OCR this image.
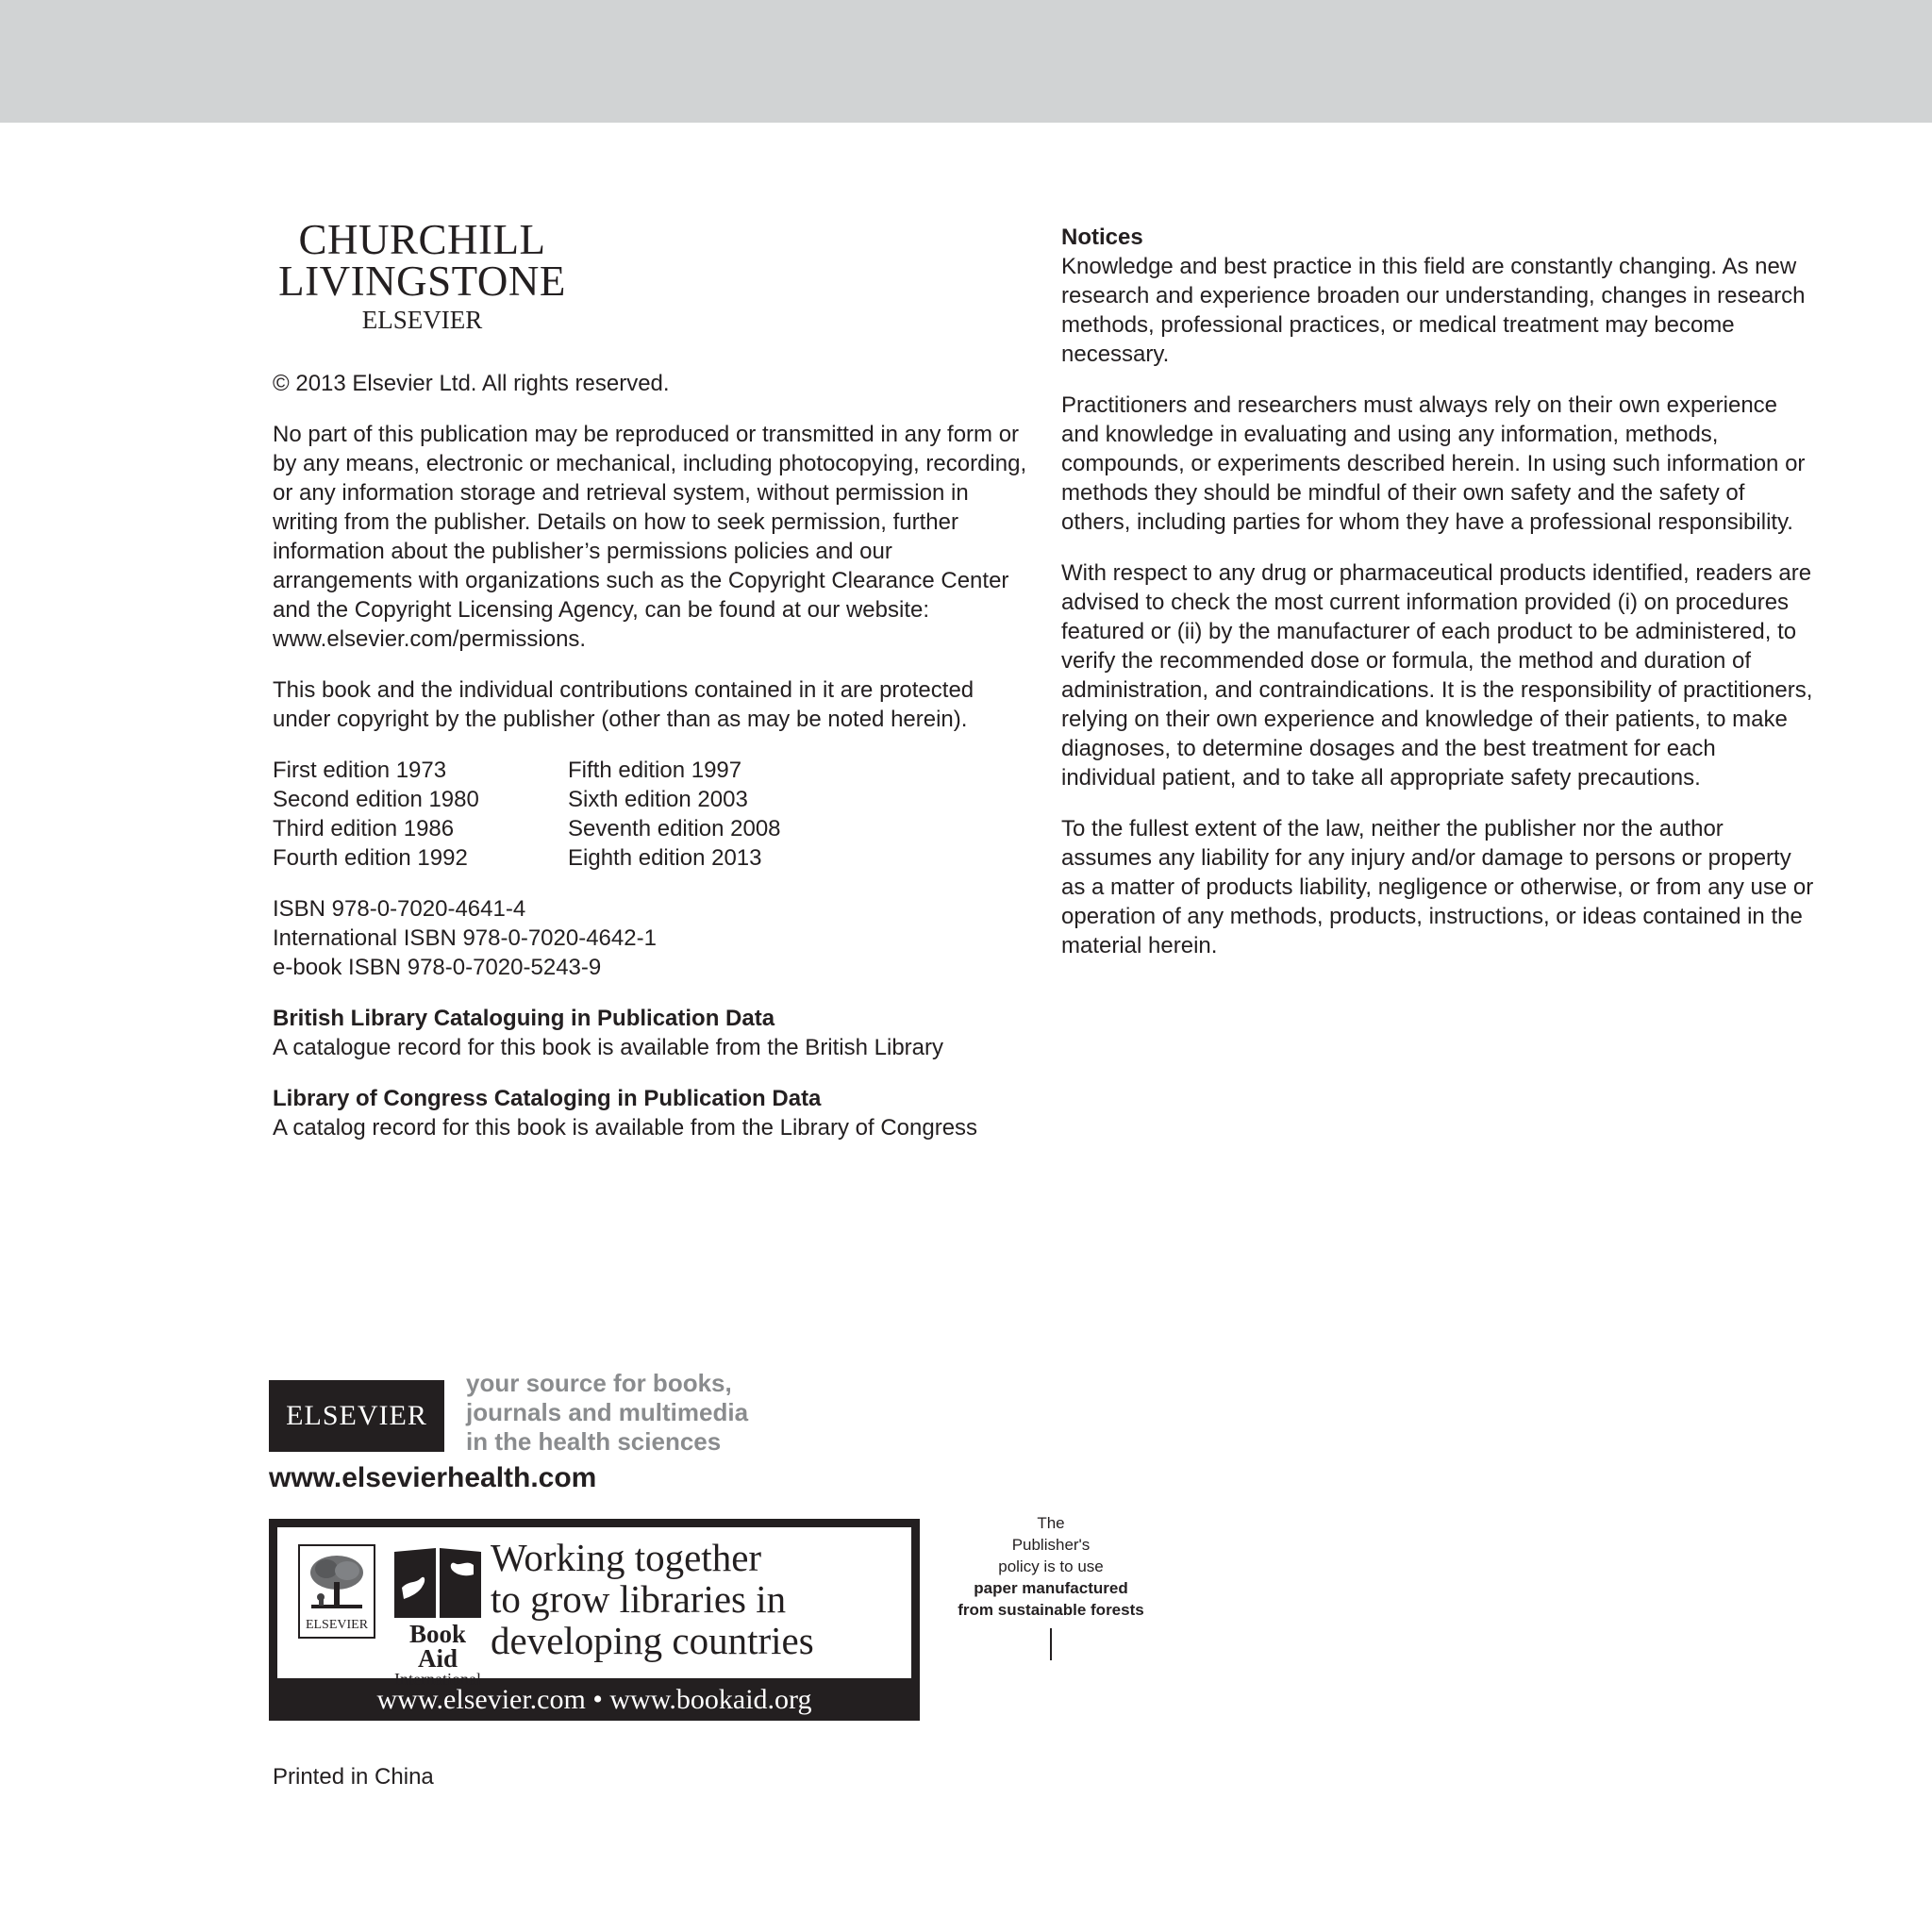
CHURCHILL
LIVINGSTONE
ELSEVIER

© 2013 Elsevier Ltd. All rights reserved.

No part of this publication may be reproduced or transmitted in any form or by any means, electronic or mechanical, including photocopying, recording, or any information storage and retrieval system, without permission in writing from the publisher. Details on how to seek permission, further information about the publisher’s permissions policies and our arrangements with organizations such as the Copyright Clearance Center and the Copyright Licensing Agency, can be found at our website: www.elsevier.com/permissions.

This book and the individual contributions contained in it are protected under copyright by the publisher (other than as may be noted herein).

First edition 1973	Fifth edition 1997
Second edition 1980	Sixth edition 2003
Third edition 1986	Seventh edition 2008
Fourth edition 1992	Eighth edition 2013
ISBN 978-0-7020-4641-4
International ISBN 978-0-7020-4642-1
e-book ISBN 978-0-7020-5243-9

British Library Cataloguing in Publication Data
A catalogue record for this book is available from the British Library

Library of Congress Cataloging in Publication Data
A catalog record for this book is available from the Library of Congress

Notices

Knowledge and best practice in this field are constantly changing. As new research and experience broaden our understanding, changes in research methods, professional practices, or medical treatment may become necessary.

Practitioners and researchers must always rely on their own experience and knowledge in evaluating and using any information, methods, compounds, or experiments described herein. In using such information or methods they should be mindful of their own safety and the safety of others, including parties for whom they have a professional responsibility.

With respect to any drug or pharmaceutical products identified, readers are advised to check the most current information provided (i) on procedures featured or (ii) by the manufacturer of each product to be administered, to verify the recommended dose or formula, the method and duration of administration, and contraindications. It is the responsibility of practitioners, relying on their own experience and knowledge of their patients, to make diagnoses, to determine dosages and the best treatment for each individual patient, and to take all appropriate safety precautions.

To the fullest extent of the law, neither the publisher nor the author assumes any liability for any injury and/or damage to persons or property as a matter of products liability, negligence or otherwise, or from any use or operation of any methods, products, instructions, or ideas contained in the material herein.

ELSEVIER
your source for books,
journals and multimedia
in the health sciences
www.elsevierhealth.com
ELSEVIER	Book Aid
International
Working together
to grow libraries in
developing countries
www.elsevier.com • www.bookaid.org
The
Publisher's
policy is to use
paper manufactured
from sustainable forests
Printed in China
